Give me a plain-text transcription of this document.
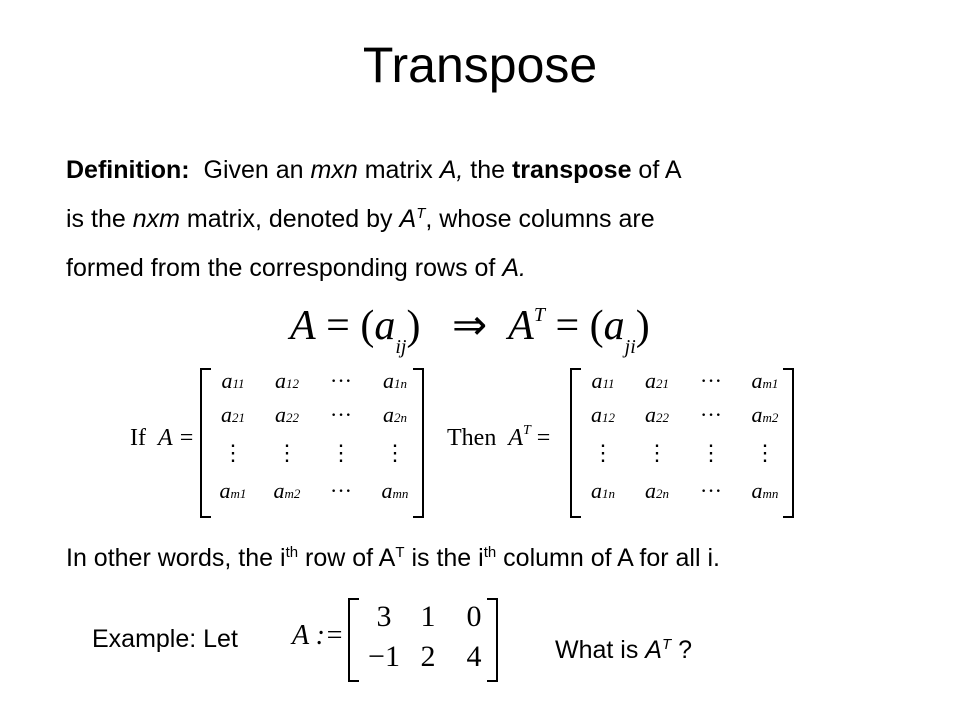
Transpose

Definition: Given an mxn matrix A, the transpose of A

is the nxm matrix, denoted by $A^T$, whose columns are

formed from the corresponding rows of A.

$A = (a_{ij})$ ⇒ $A^T = (a_{ji})$
If A =
a11	a12	···	a1n
a21	a22	···	a2n
⋮	⋮	⋮	⋮
am1	am2	···	amn
Then $A^T$ =
a11	a21	···	am1
a12	a22	···	am2
⋮	⋮	⋮	⋮
a1n	a2n	···	amn
In other words, the $i^{th}$ row of $A^T$ is the $i^{th}$ column of A for all i.
Example: Let A :=
3 1	0
−1 2	4	What is $A^T$ ?
